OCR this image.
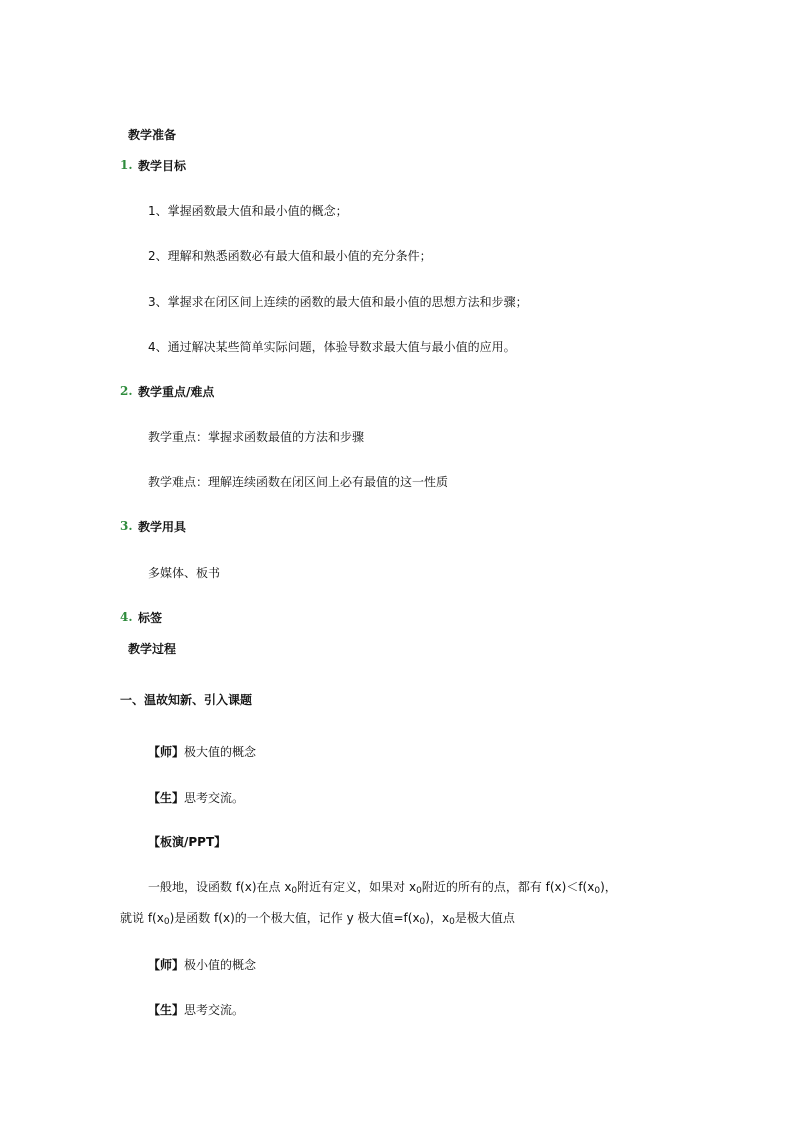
教学准备
1. 教学目标
1、掌握函数最大值和最小值的概念；
2、理解和熟悉函数必有最大值和最小值的充分条件；
3、掌握求在闭区间上连续的函数的最大值和最小值的思想方法和步骤；
4、通过解决某些简单实际问题，体验导数求最大值与最小值的应用。
2. 教学重点/难点
教学重点：掌握求函数最值的方法和步骤
教学难点：理解连续函数在闭区间上必有最值的这一性质
3. 教学用具
多媒体、板书
4. 标签
教学过程
一、温故知新、引入课题
【师】极大值的概念
【生】思考交流。
【板演/PPT】
一般地，设函数 f(x)在点 $x_0$附近有定义，如果对 $x_0$附近的所有的点，都有 $f(x)<f(x_0)$，
就说 $f(x_0)$是函数 f(x)的一个极大值，记作 y 极大值$=f(x_0)$，$x_0$是极大值点
【师】极小值的概念
【生】思考交流。
